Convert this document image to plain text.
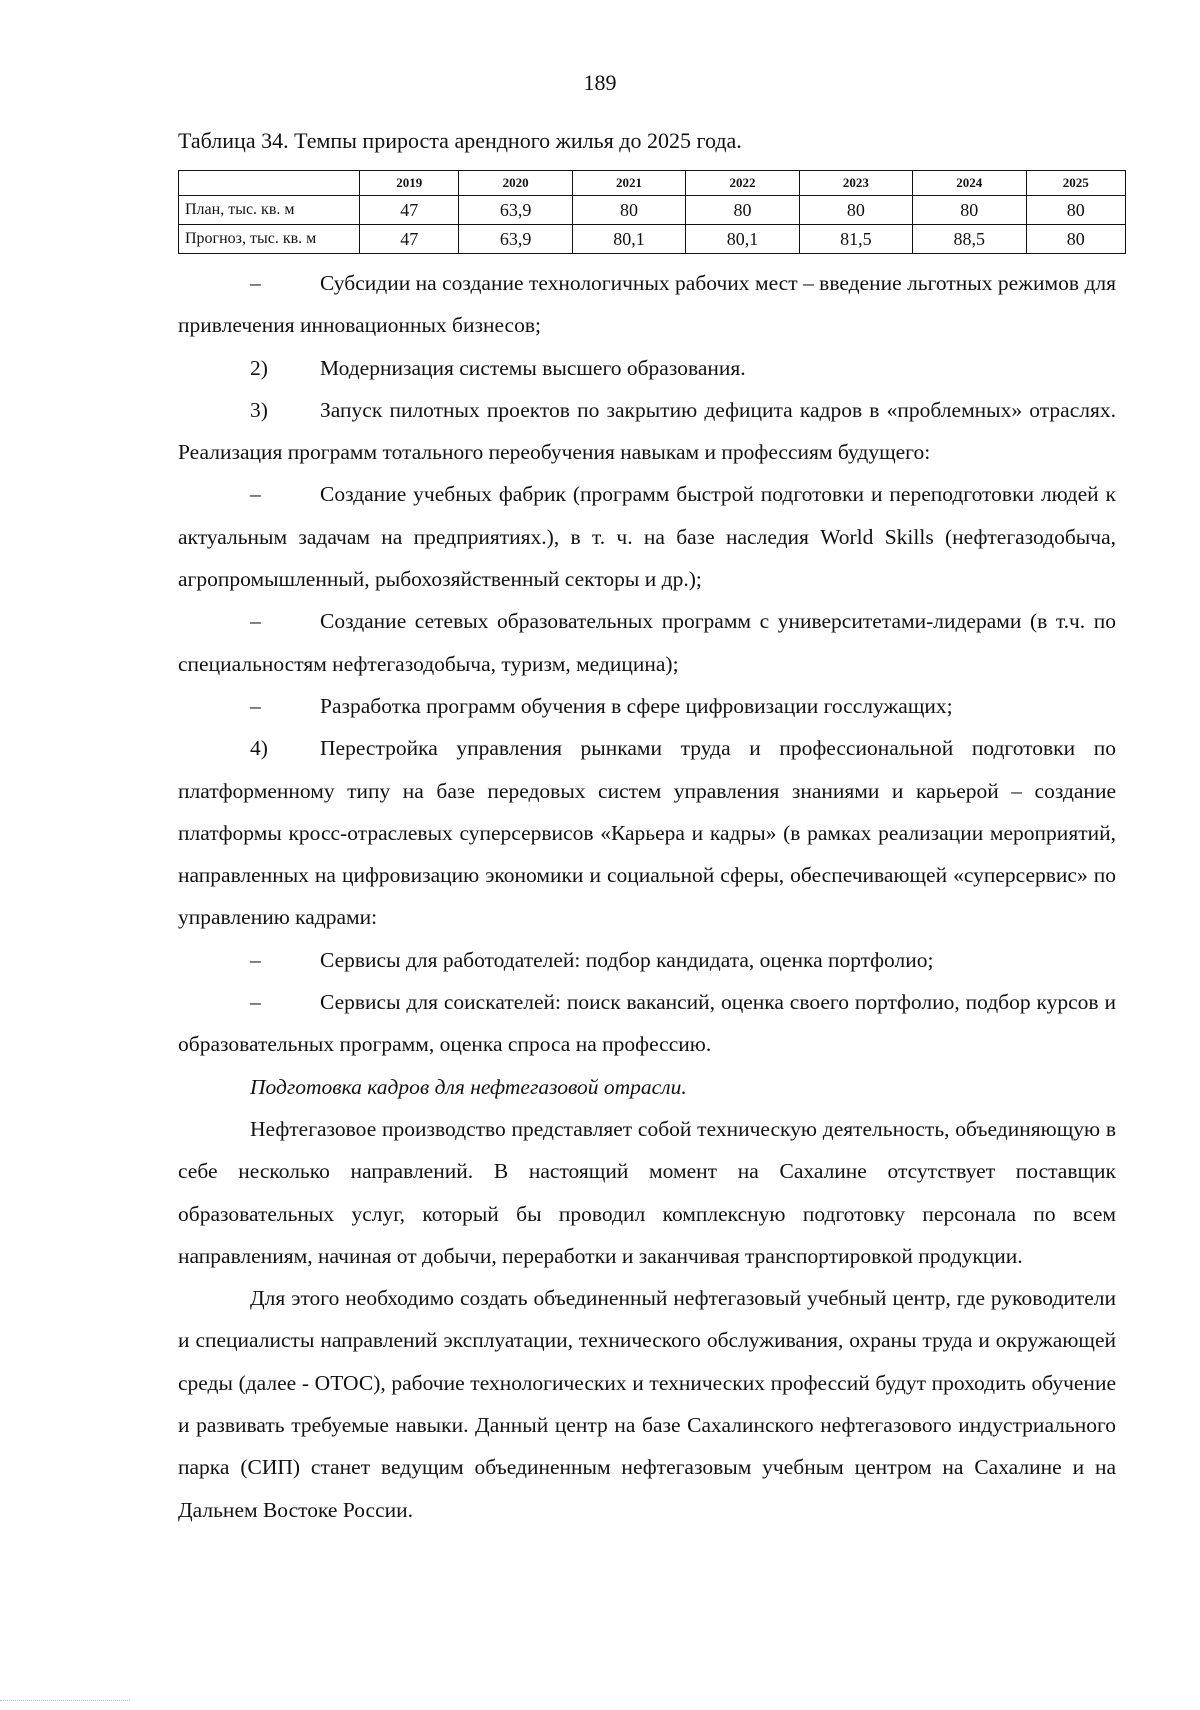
189
Таблица 34. Темпы прироста арендного жилья до 2025 года.
	2019	2020	2021	2022	2023	2024	2025
План, тыс. кв. м	47	63,9	80	80	80	80	80
Прогноз, тыс. кв. м	47	63,9	80,1	80,1	81,5	88,5	80

–	Субсидии на создание технологичных рабочих мест – введение льготных режимов для привлечения инновационных бизнесов;

2) Модернизация системы высшего образования.

3) Запуск пилотных проектов по закрытию дефицита кадров в «проблемных» отраслях. Реализация программ тотального переобучения навыкам и профессиям будущего:

–	Создание учебных фабрик (программ быстрой подготовки и переподготовки людей к актуальным задачам на предприятиях.), в т. ч. на базе наследия World Skills (нефтегазодобыча, агропромышленный, рыбохозяйственный секторы и др.);

–	Создание сетевых образовательных программ с университетами-лидерами (в т.ч. по специальностям нефтегазодобыча, туризм, медицина);

–	Разработка программ обучения в сфере цифровизации госслужащих;

4) Перестройка управления рынками труда и профессиональной подготовки по платформенному типу на базе передовых систем управления знаниями и карьерой – создание платформы кросс-отраслевых суперсервисов «Карьера и кадры» (в рамках реализации мероприятий, направленных на цифровизацию экономики и социальной сферы, обеспечивающей «суперсервис» по управлению кадрами:

–	Сервисы для работодателей: подбор кандидата, оценка портфолио;

–	Сервисы для соискателей: поиск вакансий, оценка своего портфолио, подбор курсов и образовательных программ, оценка спроса на профессию.

Подготовка кадров для нефтегазовой отрасли.

Нефтегазовое производство представляет собой техническую деятельность, объединяющую в себе несколько направлений. В настоящий момент на Сахалине отсутствует поставщик образовательных услуг, который бы проводил комплексную подготовку персонала по всем направлениям, начиная от добычи, переработки и заканчивая транспортировкой продукции.

Для этого необходимо создать объединенный нефтегазовый учебный центр, где руководители и специалисты направлений эксплуатации, технического обслуживания, охраны труда и окружающей среды (далее - ОТОС), рабочие технологических и технических профессий будут проходить обучение и развивать требуемые навыки. Данный центр на базе Сахалинского нефтегазового индустриального парка (СИП) станет ведущим объединенным нефтегазовым учебным центром на Сахалине и на Дальнем Востоке России.
